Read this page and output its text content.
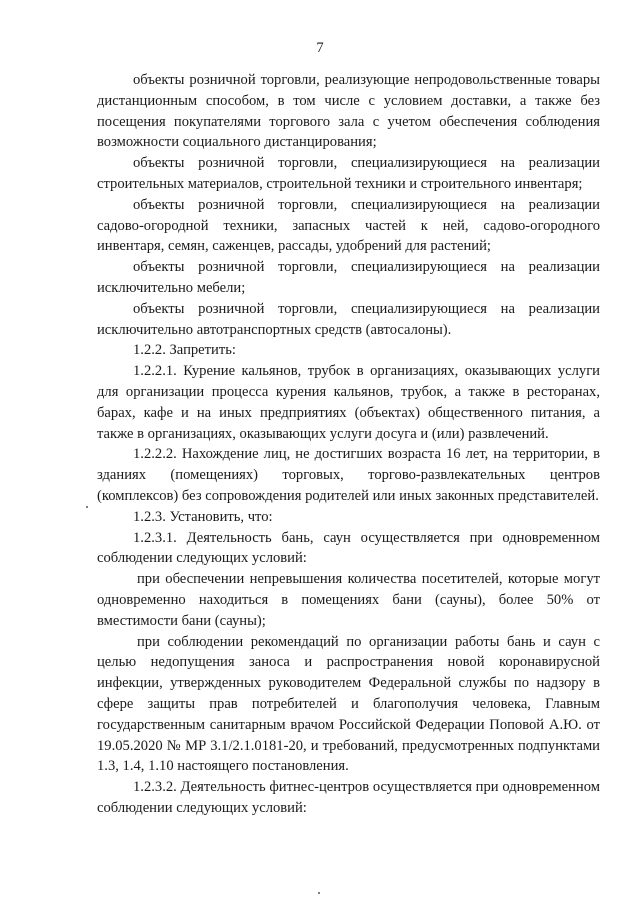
7

объекты розничной торговли, реализующие непродовольственные товары дистанционным способом, в том числе с условием доставки, а также без посещения покупателями торгового зала с учетом обеспечения соблюдения возможности социального дистанцирования;

объекты розничной торговли, специализирующиеся на реализации строительных материалов, строительной техники и строительного инвентаря;

объекты розничной торговли, специализирующиеся на реализации садово-огородной техники, запасных частей к ней, садово-огородного инвентаря, семян, саженцев, рассады, удобрений для растений;

объекты розничной торговли, специализирующиеся на реализации исключительно мебели;

объекты розничной торговли, специализирующиеся на реализации исключительно автотранспортных средств (автосалоны).

1.2.2. Запретить:

1.2.2.1. Курение кальянов, трубок в организациях, оказывающих услуги для организации процесса курения кальянов, трубок, а также в ресторанах, барах, кафе и на иных предприятиях (объектах) общественного питания, а также в организациях, оказывающих услуги досуга и (или) развлечений.

1.2.2.2. Нахождение лиц, не достигших возраста 16 лет, на территории, в зданиях (помещениях) торговых, торгово-развлекательных центров (комплексов) без сопровождения родителей или иных законных представителей.

1.2.3. Установить, что:

1.2.3.1. Деятельность бань, саун осуществляется при одновременном соблюдении следующих условий:

при обеспечении непревышения количества посетителей, которые могут одновременно находиться в помещениях бани (сауны), более 50% от вместимости бани (сауны);

при соблюдении рекомендаций по организации работы бань и саун с целью недопущения заноса и распространения новой коронавирусной инфекции, утвержденных руководителем Федеральной службы по надзору в сфере защиты прав потребителей и благополучия человека, Главным государственным санитарным врачом Российской Федерации Поповой А.Ю. от 19.05.2020 № МР 3.1/2.1.0181-20, и требований, предусмотренных подпунктами 1.3, 1.4, 1.10 настоящего постановления.

1.2.3.2. Деятельность фитнес-центров осуществляется при одновременном соблюдении следующих условий:
